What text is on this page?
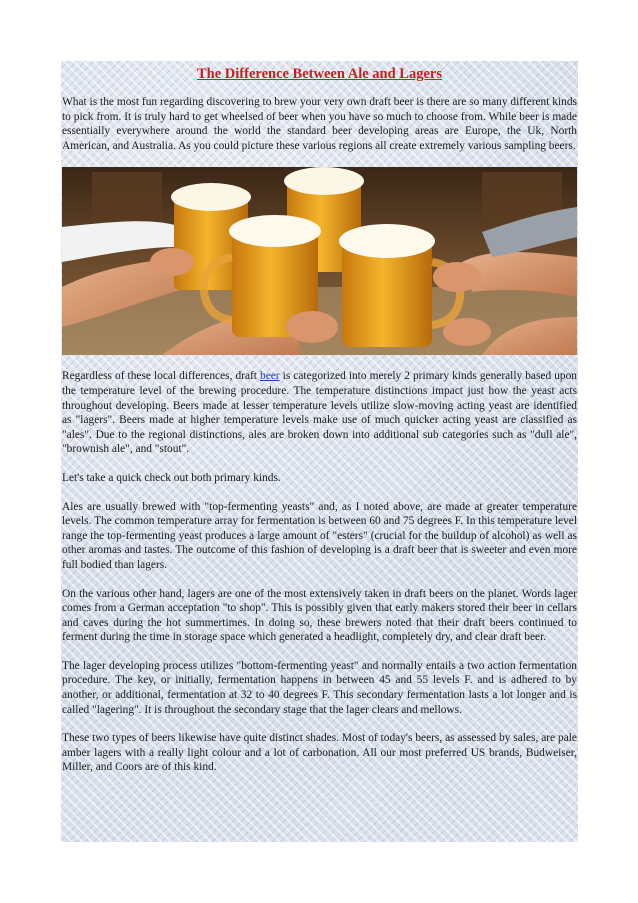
The Difference Between Ale and Lagers

What is the most fun regarding discovering to brew your very own draft beer is there are so many different kinds to pick from. It is truly hard to get wheelsed of beer when you have so much to choose from. While beer is made essentially everywhere around the world the standard beer developing areas are Europe, the Uk, North American, and Australia. As you could picture these various regions all create extremely various sampling beers.

Regardless of these local differences, draft beer is categorized into merely 2 primary kinds generally based upon the temperature level of the brewing procedure. The temperature distinctions impact just how the yeast acts throughout developing. Beers made at lesser temperature levels utilize slow-moving acting yeast are identified as "lagers". Beers made at higher temperature levels make use of much quicker acting yeast are classified as "ales". Due to the regional distinctions, ales are broken down into additional sub categories such as "dull ale", "brownish ale", and "stout".

Let's take a quick check out both primary kinds.

Ales are usually brewed with "top-fermenting yeasts" and, as I noted above, are made at greater temperature levels. The common temperature array for fermentation is between 60 and 75 degrees F. In this temperature level range the top-fermenting yeast produces a large amount of "esters" (crucial for the buildup of alcohol) as well as other aromas and tastes. The outcome of this fashion of developing is a draft beer that is sweeter and even more full bodied than lagers.

On the various other hand, lagers are one of the most extensively taken in draft beers on the planet. Words lager comes from a German acceptation "to shop". This is possibly given that early makers stored their beer in cellars and caves during the hot summertimes. In doing so, these brewers noted that their draft beers continued to ferment during the time in storage space which generated a headlight, completely dry, and clear draft beer.

The lager developing process utilizes "bottom-fermenting yeast" and normally entails a two action fermentation procedure. The key, or initially, fermentation happens in between 45 and 55 levels F. and is adhered to by another, or additional, fermentation at 32 to 40 degrees F. This secondary fermentation lasts a lot longer and is called "lagering". It is throughout the secondary stage that the lager clears and mellows.

These two types of beers likewise have quite distinct shades. Most of today's beers, as assessed by sales, are pale amber lagers with a really light colour and a lot of carbonation. All our most preferred US brands, Budweiser, Miller, and Coors are of this kind.
